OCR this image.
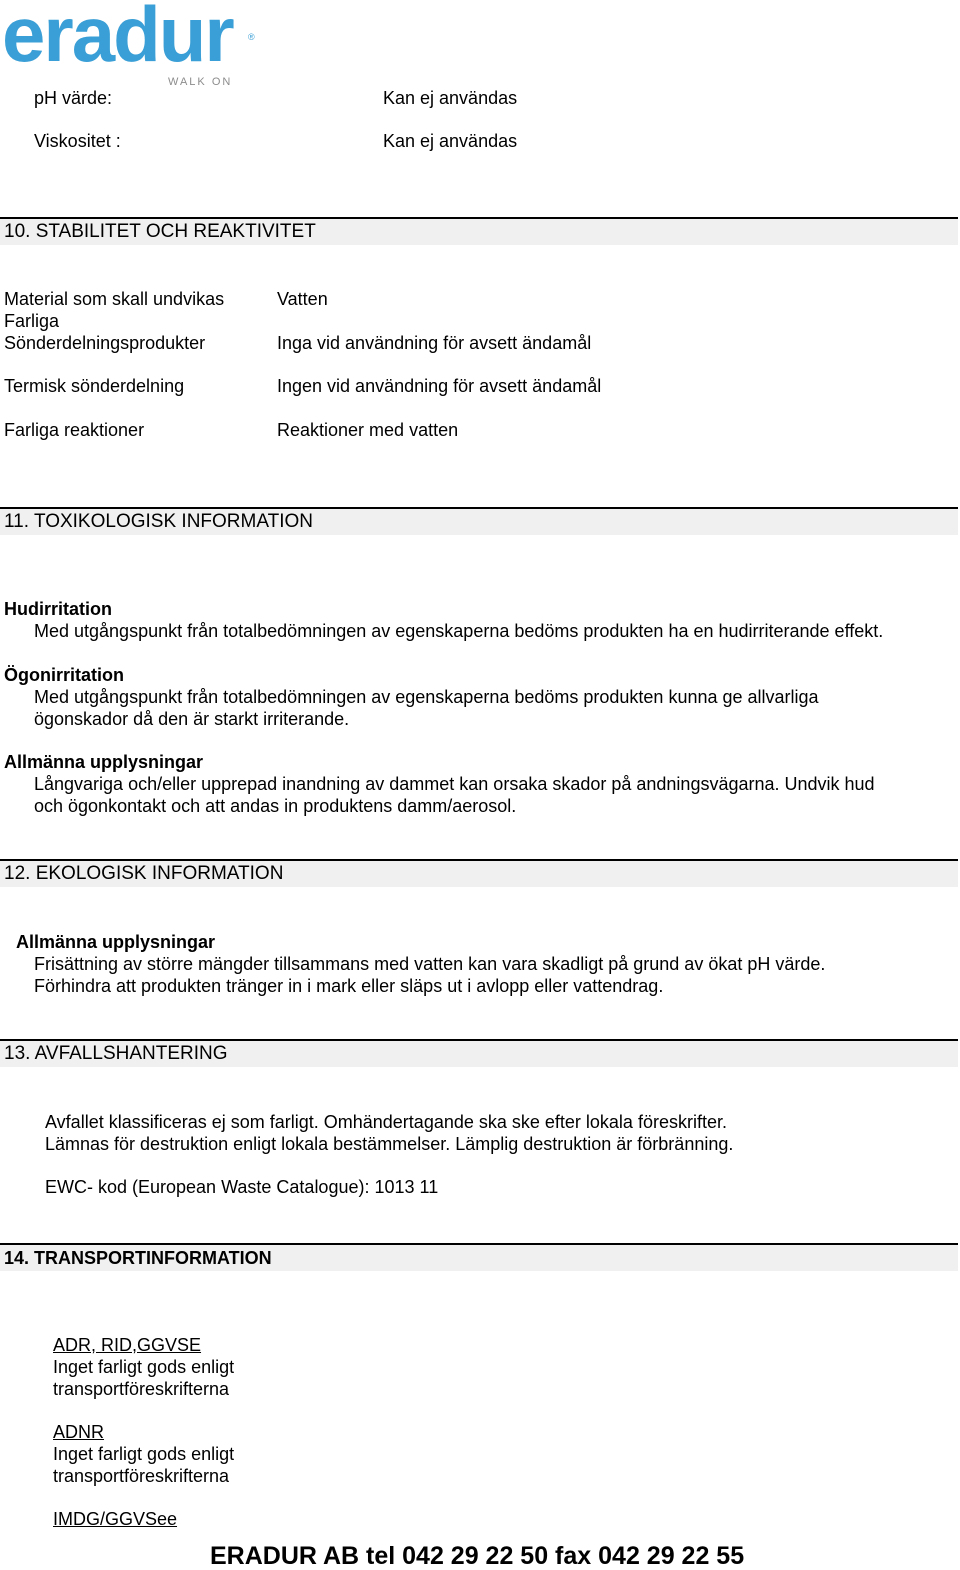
eradur
WALK ON
®
pH värde:	Kan ej användas
Viskositet :	Kan ej användas
10. STABILITET OCH REAKTIVITET
Material som skall undvikas	Vatten
Farliga
Sönderdelningsprodukter	Inga vid användning för avsett ändamål
Termisk sönderdelning	Ingen vid användning för avsett ändamål
Farliga reaktioner	Reaktioner med vatten
11. TOXIKOLOGISK INFORMATION
Hudirritation
Med utgångspunkt från totalbedömningen av egenskaperna bedöms produkten ha en hudirriterande effekt.
Ögonirritation
Med utgångspunkt från totalbedömningen av egenskaperna bedöms produkten kunna ge allvarliga
ögonskador då den är starkt irriterande.
Allmänna upplysningar
Långvariga och/eller upprepad inandning av dammet kan orsaka skador på andningsvägarna. Undvik hud
och ögonkontakt och att andas in produktens damm/aerosol.
12. EKOLOGISK INFORMATION
Allmänna upplysningar
Frisättning av större mängder tillsammans med vatten kan vara skadligt på grund av ökat pH värde.
Förhindra att produkten tränger in i mark eller släps ut i avlopp eller vattendrag.
13. AVFALLSHANTERING
Avfallet klassificeras ej som farligt. Omhändertagande ska ske efter lokala föreskrifter.
Lämnas för destruktion enligt lokala bestämmelser. Lämplig destruktion är förbränning.
EWC- kod (European Waste Catalogue): 1013 11
14. TRANSPORTINFORMATION
ADR, RID,GGVSE
Inget farligt gods enligt
transportföreskrifterna
ADNR
Inget farligt gods enligt
transportföreskrifterna
IMDG/GGVSee
ERADUR AB tel 042 29 22 50 fax 042 29 22 55
